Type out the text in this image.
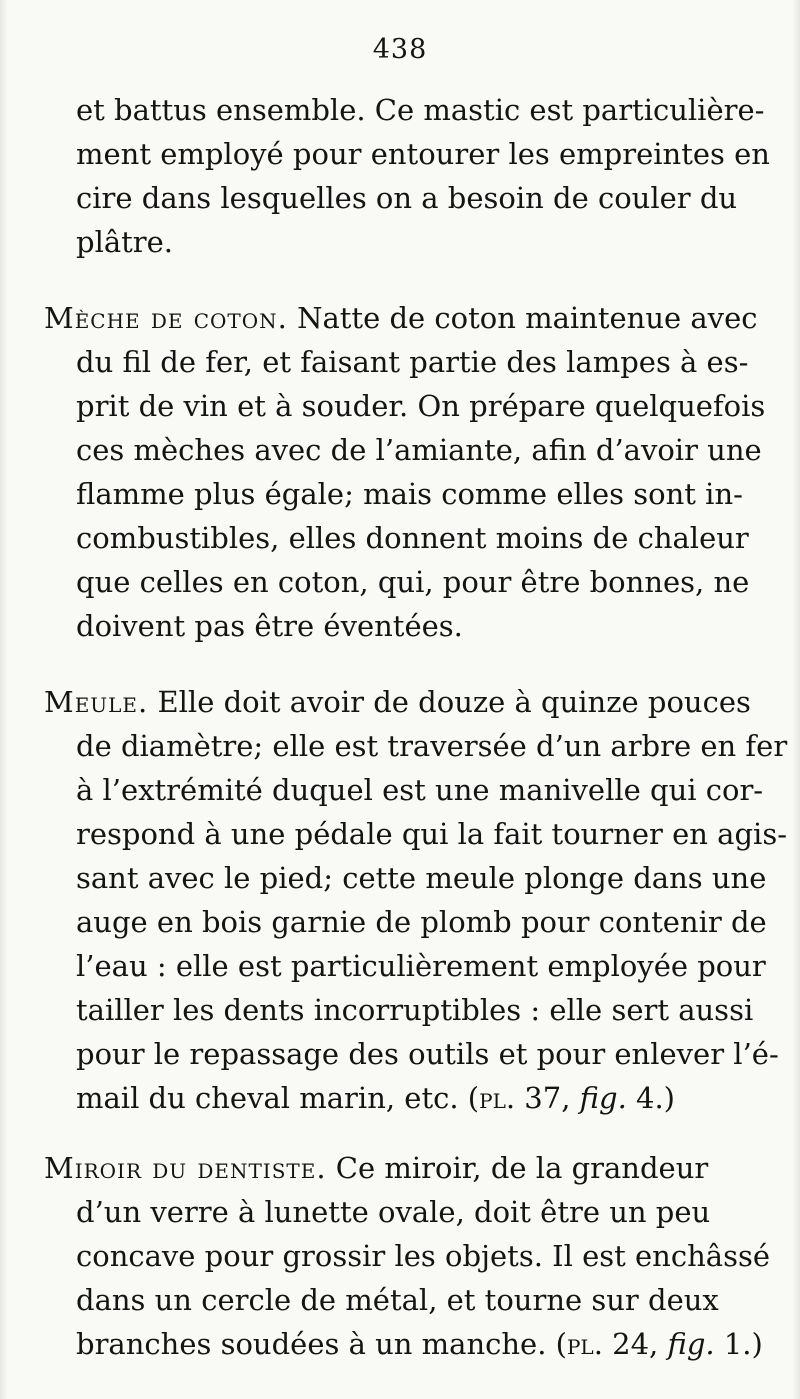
438
et battus ensemble. Ce mastic est particulière-
ment employé pour entourer les empreintes en
cire dans lesquelles on a besoin de couler du
plâtre.
Mèche de coton. Natte de coton maintenue avec
du fil de fer, et faisant partie des lampes à es-
prit de vin et à souder. On prépare quelquefois
ces mèches avec de l’amiante, afin d’avoir une
flamme plus égale; mais comme elles sont in-
combustibles, elles donnent moins de chaleur
que celles en coton, qui, pour être bonnes, ne
doivent pas être éventées.
Meule. Elle doit avoir de douze à quinze pouces
de diamètre; elle est traversée d’un arbre en fer
à l’extrémité duquel est une manivelle qui cor-
respond à une pédale qui la fait tourner en agis-
sant avec le pied; cette meule plonge dans une
auge en bois garnie de plomb pour contenir de
l’eau : elle est particulièrement employée pour
tailler les dents incorruptibles : elle sert aussi
pour le repassage des outils et pour enlever l’é-
mail du cheval marin, etc. (pl. 37, fig. 4.)
Miroir du dentiste. Ce miroir, de la grandeur
d’un verre à lunette ovale, doit être un peu
concave pour grossir les objets. Il est enchâssé
dans un cercle de métal, et tourne sur deux
branches soudées à un manche. (pl. 24, fig. 1.)
